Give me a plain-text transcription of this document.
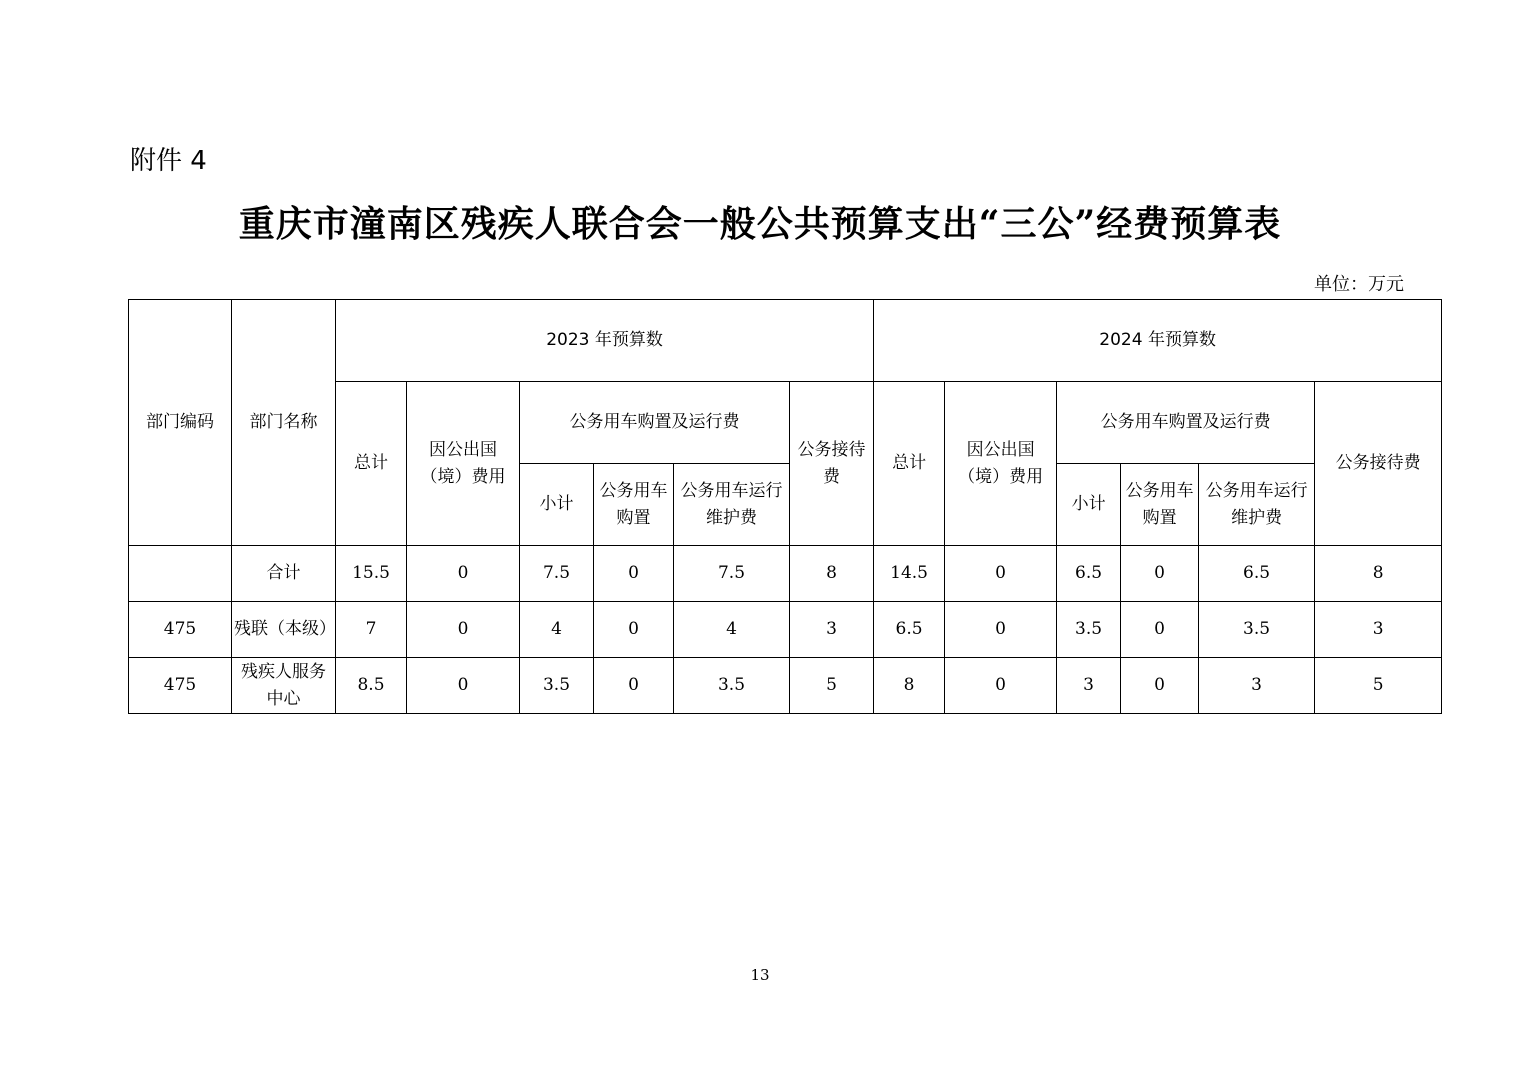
附件 4
重庆市潼南区残疾人联合会一般公共预算支出“三公”经费预算表
单位：万元
部门编码	部门名称	2023 年预算数						2024 年预算数					
		总计	因公出国（境）费用	公务用车购置及运行费			公务接待费	总计	因公出国（境）费用	公务用车购置及运行费			公务接待费
				小计	公务用车购置	公务用车运行维护费				小计	公务用车购置	公务用车运行维护费	
	合计	15.5	0	7.5	0	7.5	8	14.5	0	6.5	0	6.5	8
475	残联（本级）	7	0	4	0	4	3	6.5	0	3.5	0	3.5	3
475	残疾人服务中心	8.5	0	3.5	0	3.5	5	8	0	3	0	3	5
13
